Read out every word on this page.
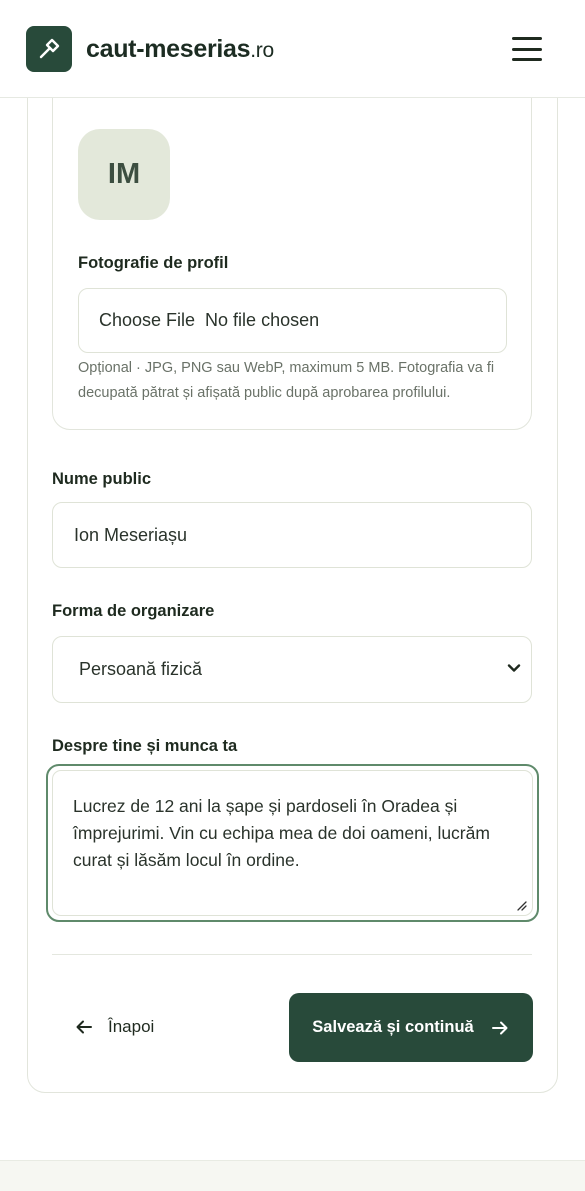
caut-meserias.ro
IM
Fotografie de profil
Choose File  No file chosen
Opțional · JPG, PNG sau WebP, maximum 5 MB. Fotografia va fi decupată pătrat și afișată public după aprobarea profilului.
Nume public
Ion Meseriașu
Forma de organizare
Persoană fizică
Despre tine și munca ta
Lucrez de 12 ani la șape și pardoseli în Oradea și împrejurimi. Vin cu echipa mea de doi oameni, lucrăm curat și lăsăm locul în ordine.
Înapoi	Salvează și continuă
